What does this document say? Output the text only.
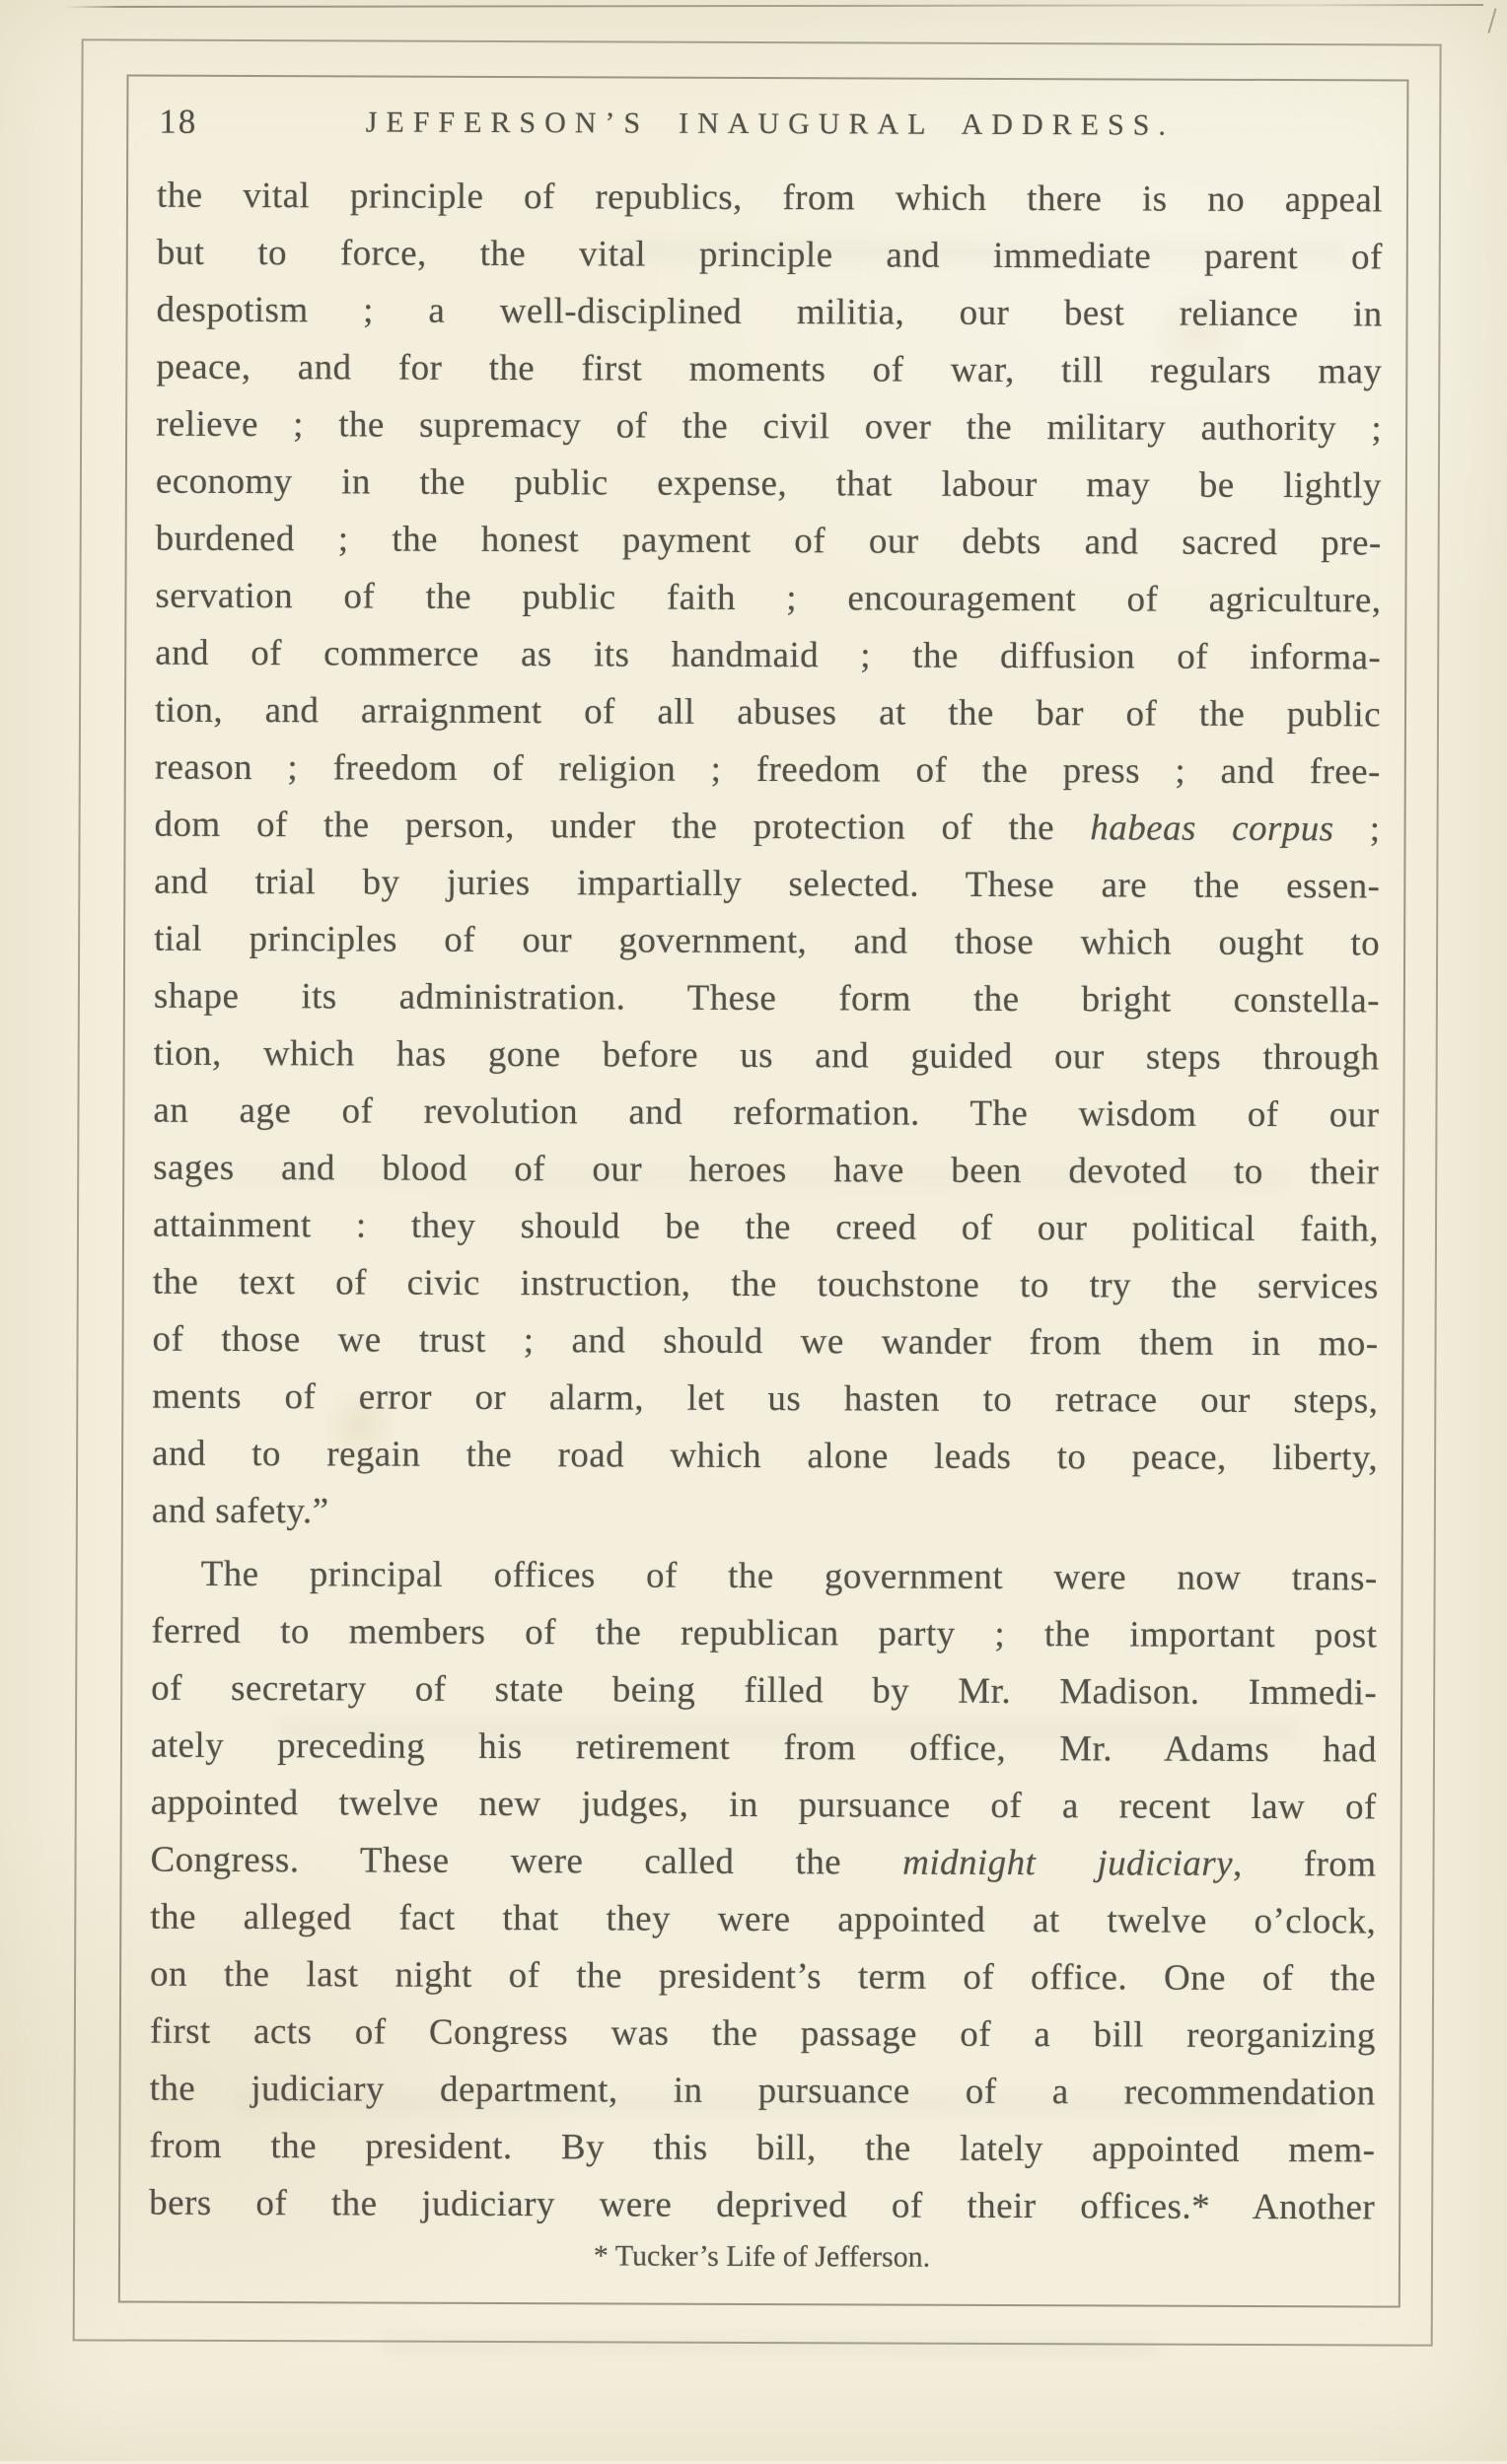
18	JEFFERSON’S INAUGURAL ADDRESS.
the vital principle of republics, from which there is no appeal
but to force, the vital principle and immediate parent of
despotism ; a well-disciplined militia, our best reliance in
peace, and for the first moments of war, till regulars may
relieve ; the supremacy of the civil over the military authority ;
economy in the public expense, that labour may be lightly
burdened ; the honest payment of our debts and sacred pre-
servation of the public faith ; encouragement of agriculture,
and of commerce as its handmaid ; the diffusion of informa-
tion, and arraignment of all abuses at the bar of the public
reason ; freedom of religion ; freedom of the press ; and free-
dom of the person, under the protection of the habeas corpus ;
and trial by juries impartially selected. These are the essen-
tial principles of our government, and those which ought to
shape its administration. These form the bright constella-
tion, which has gone before us and guided our steps through
an age of revolution and reformation. The wisdom of our
sages and blood of our heroes have been devoted to their
attainment : they should be the creed of our political faith,
the text of civic instruction, the touchstone to try the services
of those we trust ; and should we wander from them in mo-
ments of error or alarm, let us hasten to retrace our steps,
and to regain the road which alone leads to peace, liberty,
and safety.”
The principal offices of the government were now trans-
ferred to members of the republican party ; the important post
of secretary of state being filled by Mr. Madison. Immedi-
ately preceding his retirement from office, Mr. Adams had
appointed twelve new judges, in pursuance of a recent law of
Congress. These were called the midnight judiciary, from
the alleged fact that they were appointed at twelve o’clock,
on the last night of the president’s term of office. One of the
first acts of Congress was the passage of a bill reorganizing
the judiciary department, in pursuance of a recommendation
from the president. By this bill, the lately appointed mem-
bers of the judiciary were deprived of their offices.* Another
* Tucker’s Life of Jefferson.
